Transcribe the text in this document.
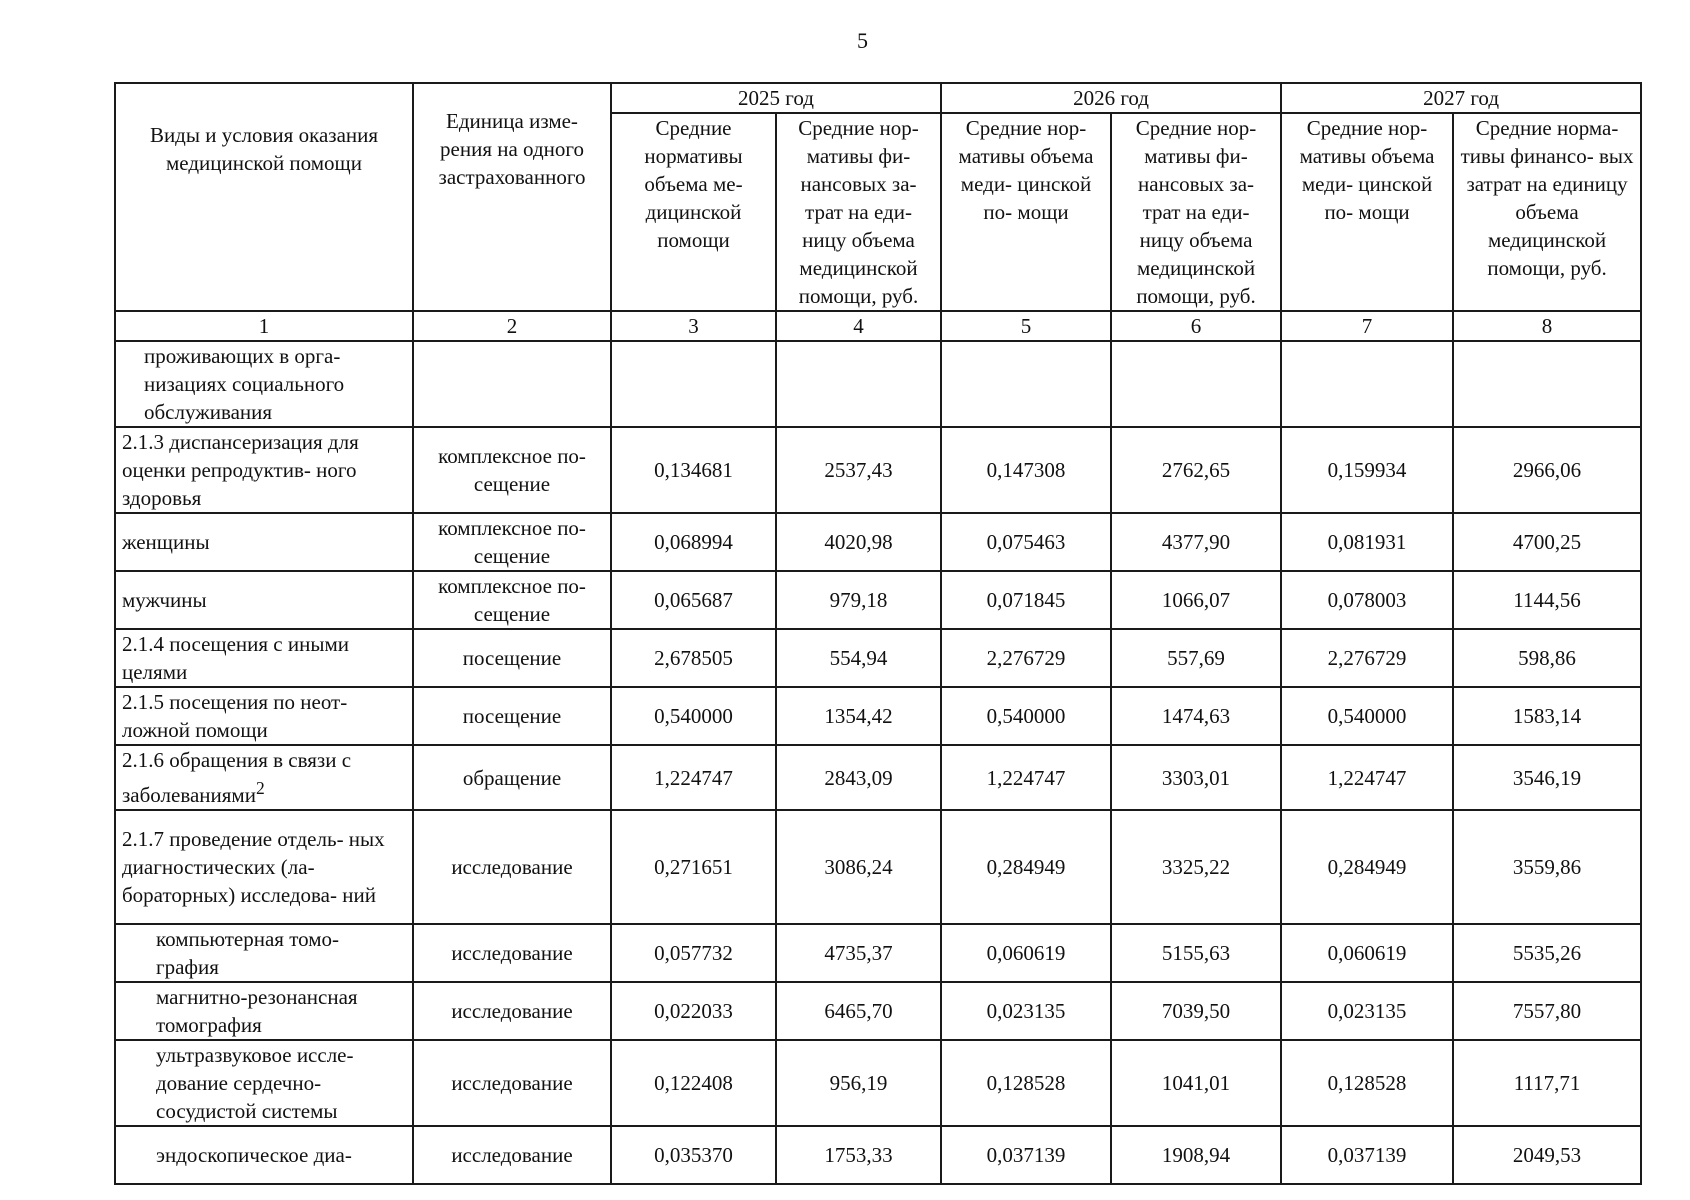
5
Виды и условия оказания медицинской помощи	Единица изме- рения на одного застрахованного	2025 год		2026 год		2027 год	
		Средние нормативы объема ме- дицинской помощи	Средние нор- мативы фи- нансовых за- трат на еди- ницу объема медицинской помощи, руб.	Средние нор- мативы объема меди- цинской по- мощи	Средние нор- мативы фи- нансовых за- трат на еди- ницу объема медицинской помощи, руб.	Средние нор- мативы объема меди- цинской по- мощи	Средние норма- тивы финансо- вых затрат на единицу объема медицинской помощи, руб.
1	2	3	4	5	6	7	8
проживающих в орга- низациях социального обслуживания							
2.1.3 диспансеризация для оценки репродуктив- ного здоровья	комплексное по- сещение	0,134681	2537,43	0,147308	2762,65	0,159934	2966,06
женщины	комплексное по- сещение	0,068994	4020,98	0,075463	4377,90	0,081931	4700,25
мужчины	комплексное по- сещение	0,065687	979,18	0,071845	1066,07	0,078003	1144,56
2.1.4 посещения с иными целями	посещение	2,678505	554,94	2,276729	557,69	2,276729	598,86
2.1.5 посещения по неот- ложной помощи	посещение	0,540000	1354,42	0,540000	1474,63	0,540000	1583,14
2.1.6 обращения в связи с заболеваниями$^2$	обращение	1,224747	2843,09	1,224747	3303,01	1,224747	3546,19
2.1.7 проведение отдель- ных диагностических (ла- бораторных) исследова- ний	исследование	0,271651	3086,24	0,284949	3325,22	0,284949	3559,86
компьютерная томо- графия	исследование	0,057732	4735,37	0,060619	5155,63	0,060619	5535,26
магнитно-резонансная томография	исследование	0,022033	6465,70	0,023135	7039,50	0,023135	7557,80
ультразвуковое иссле- дование сердечно- сосудистой системы	исследование	0,122408	956,19	0,128528	1041,01	0,128528	1117,71
эндоскопическое диа-	исследование	0,035370	1753,33	0,037139	1908,94	0,037139	2049,53
